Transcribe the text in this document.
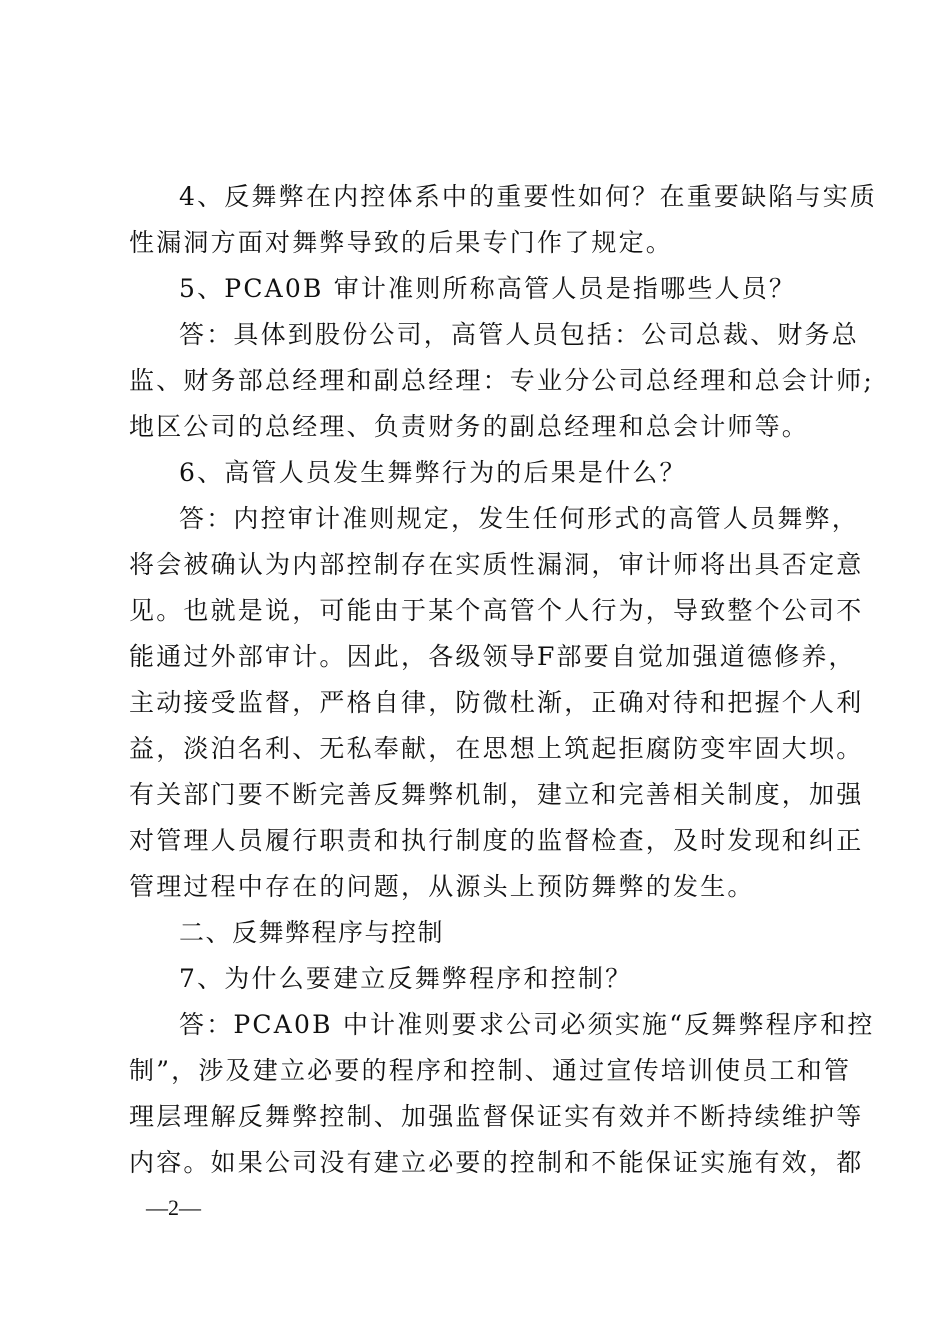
4、反舞弊在内控体系中的重要性如何？在重要缺陷与实质
性漏洞方面对舞弊导致的后果专门作了规定。
5、PCA0B 审计准则所称高管人员是指哪些人员？
答：具体到股份公司，高管人员包括：公司总裁、财务总
监、财务部总经理和副总经理：专业分公司总经理和总会计师;
地区公司的总经理、负责财务的副总经理和总会计师等。
6、高管人员发生舞弊行为的后果是什么？
答：内控审计准则规定，发生任何形式的高管人员舞弊，
将会被确认为内部控制存在实质性漏洞，审计师将出具否定意
见。也就是说，可能由于某个高管个人行为，导致整个公司不
能通过外部审计。因此，各级领导F部要自觉加强道德修养，
主动接受监督，严格自律，防微杜渐，正确对待和把握个人利
益，淡泊名利、无私奉献，在思想上筑起拒腐防变牢固大坝。
有关部门要不断完善反舞弊机制，建立和完善相关制度，加强
对管理人员履行职责和执行制度的监督检查，及时发现和纠正
管理过程中存在的问题，从源头上预防舞弊的发生。
二、反舞弊程序与控制
7、为什么要建立反舞弊程序和控制？
答：PCA0B 中计准则要求公司必须实施“反舞弊程序和控
制”，涉及建立必要的程序和控制、通过宣传培训使员工和管
理层理解反舞弊控制、加强监督保证实有效并不断持续维护等
内容。如果公司没有建立必要的控制和不能保证实施有效，都
—2—
